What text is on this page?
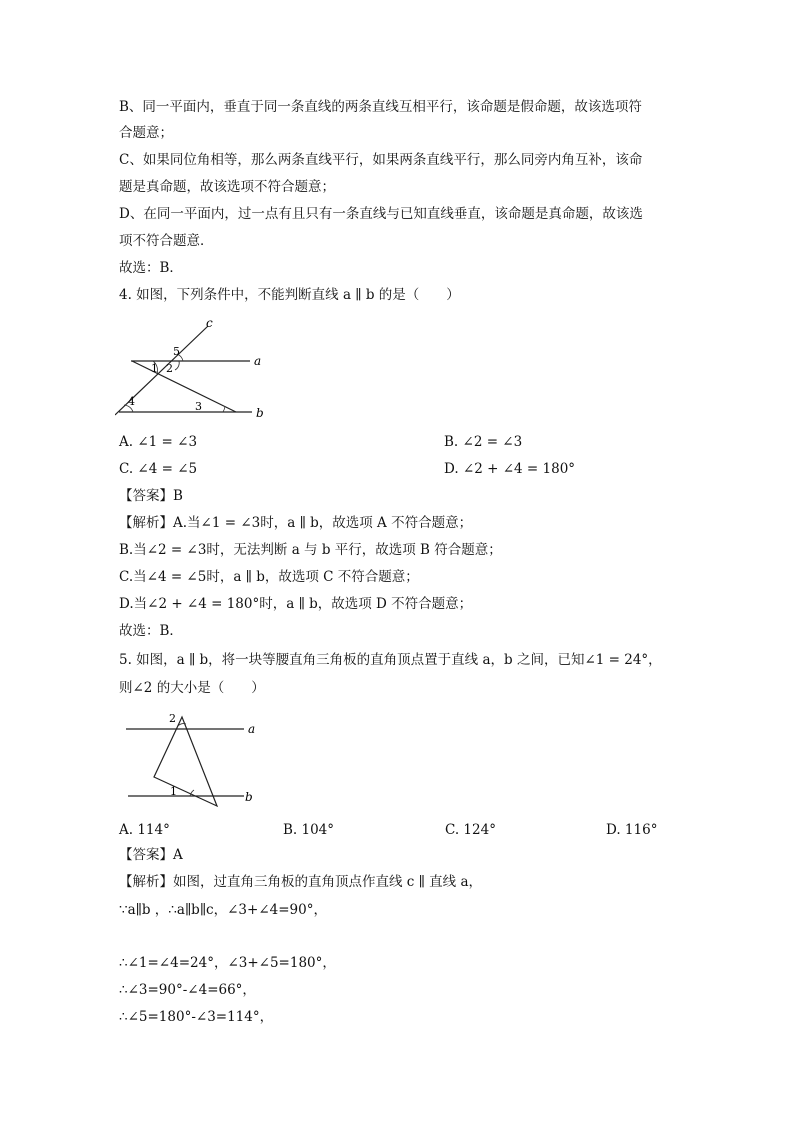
B、同一平面内，垂直于同一条直线的两条直线互相平行，该命题是假命题，故该选项符
合题意；
C、如果同位角相等，那么两条直线平行，如果两条直线平行，那么同旁内角互补，该命
题是真命题，故该选项不符合题意；
D、在同一平面内，过一点有且只有一条直线与已知直线垂直，该命题是真命题，故该选
项不符合题意．
故选：B．
4. 如图，下列条件中，不能判断直线 a ∥ b 的是（　　）
c
a
b
5
1 2
4	3
A. ∠1 = ∠3	B. ∠2 = ∠3
C. ∠4 = ∠5	D. ∠2 + ∠4 = 180°
【答案】B
【解析】A.当∠1 = ∠3时，a ∥ b，故选项 A 不符合题意；
B.当∠2 = ∠3时，无法判断 a 与 b 平行，故选项 B 符合题意；
C.当∠4 = ∠5时，a ∥ b，故选项 C 不符合题意；
D.当∠2 + ∠4 = 180°时，a ∥ b，故选项 D 不符合题意；
故选：B．
5. 如图，a ∥ b，将一块等腰直角三角板的直角顶点置于直线 a，b 之间，已知∠1 = 24°，
则∠2 的大小是（　　）
a
b
2
1
A. 114°	B. 104°	C. 124°	D. 116°
【答案】A
【解析】如图，过直角三角板的直角顶点作直线 c ∥ 直线 a，
∵a∥b ，∴a∥b∥c，∠3+∠4=90°，
∴∠1=∠4=24°，∠3+∠5=180°，
∴∠3=90°-∠4=66°，
∴∠5=180°-∠3=114°，
